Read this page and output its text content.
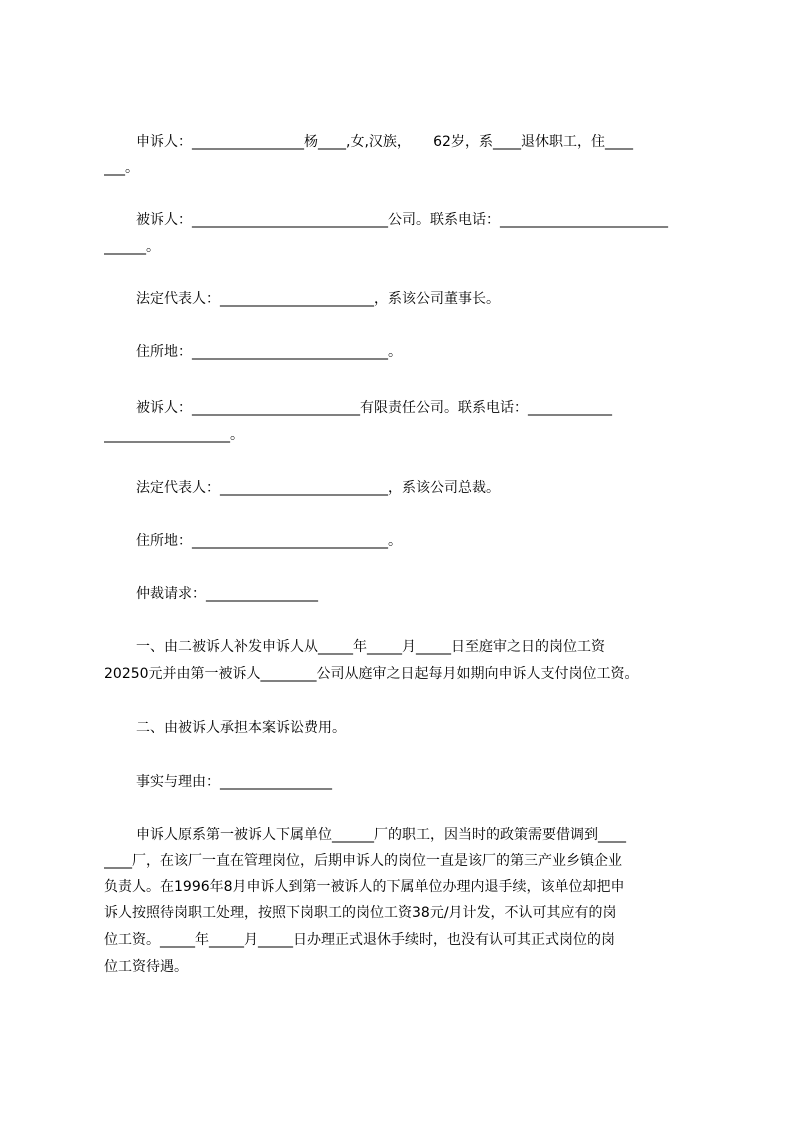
申诉人：________________杨____,女,汉族，     62岁，系____退休职工，住____
___。
被诉人：____________________________公司。联系电话：________________________
______。
法定代表人：______________________，系该公司董事长。
住所地：____________________________。
被诉人：________________________有限责任公司。联系电话：____________
__________________。
法定代表人：________________________，系该公司总裁。
住所地：____________________________。
仲裁请求：________________
一、由二被诉人补发申诉人从_____年_____月_____日至庭审之日的岗位工资
20250元并由第一被诉人________公司从庭审之日起每月如期向申诉人支付岗位工资。
二、由被诉人承担本案诉讼费用。
事实与理由：________________
申诉人原系第一被诉人下属单位______厂的职工，因当时的政策需要借调到____
____厂，在该厂一直在管理岗位，后期申诉人的岗位一直是该厂的第三产业乡镇企业
负责人。在1996年8月申诉人到第一被诉人的下属单位办理内退手续，该单位却把申
诉人按照待岗职工处理，按照下岗职工的岗位工资38元/月计发，不认可其应有的岗
位工资。_____年_____月_____日办理正式退休手续时，也没有认可其正式岗位的岗
位工资待遇。
